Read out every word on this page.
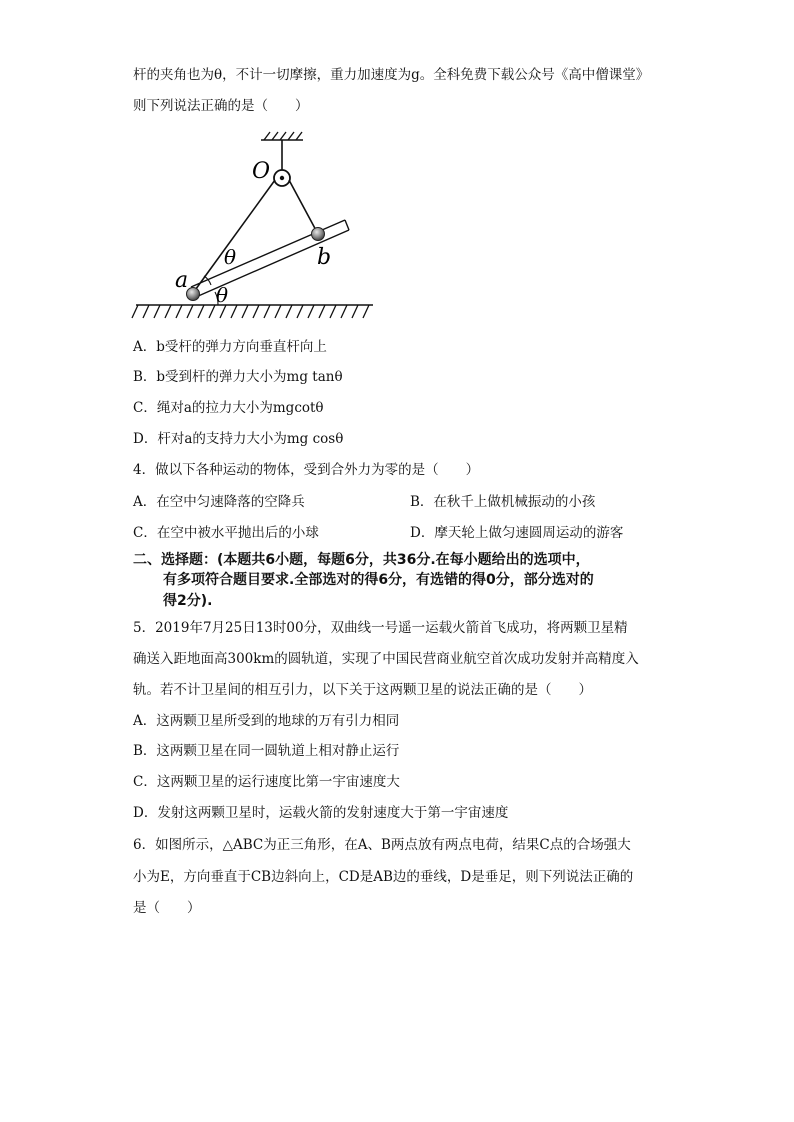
杆的夹角也为θ，不计一切摩擦，重力加速度为g。全科免费下载公众号《高中僧课堂》
则下列说法正确的是（　　）
O
a
b
θ
θ
A．b受杆的弹力方向垂直杆向上
B．b受到杆的弹力大小为mg tanθ
C．绳对a的拉力大小为mgcotθ
D．杆对a的支持力大小为mg cosθ
4．做以下各种运动的物体，受到合外力为零的是（　　）
A．在空中匀速降落的空降兵	B．在秋千上做机械振动的小孩
C．在空中被水平抛出后的小球	D．摩天轮上做匀速圆周运动的游客
二、选择题：(本题共6小题，每题6分，共36分.在每小题给出的选项中，
有多项符合题目要求.全部选对的得6分，有选错的得0分，部分选对的
得2分).
5．2019年7月25日13时00分，双曲线一号遥一运载火箭首飞成功，将两颗卫星精
确送入距地面高300km的圆轨道，实现了中国民营商业航空首次成功发射并高精度入
轨。若不计卫星间的相互引力，以下关于这两颗卫星的说法正确的是（　　）
A．这两颗卫星所受到的地球的万有引力相同
B．这两颗卫星在同一圆轨道上相对静止运行
C．这两颗卫星的运行速度比第一宇宙速度大
D．发射这两颗卫星时，运载火箭的发射速度大于第一宇宙速度
6．如图所示，△ABC为正三角形，在A、B两点放有两点电荷，结果C点的合场强大
小为E，方向垂直于CB边斜向上，CD是AB边的垂线，D是垂足，则下列说法正确的
是（　　）
